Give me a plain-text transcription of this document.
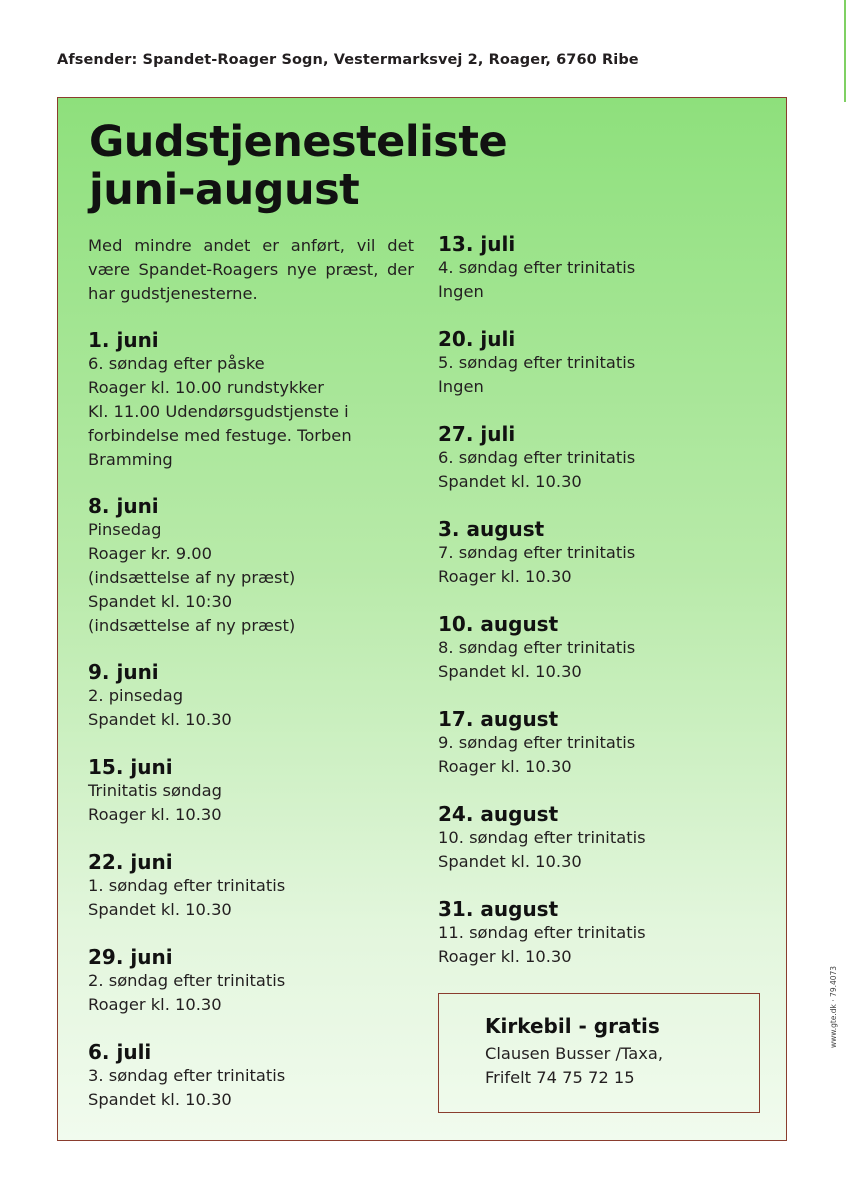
Afsender: Spandet-Roager Sogn, Vestermarksvej 2, Roager, 6760 Ribe
Gudstjenesteliste
juni-august

Med mindre andet er anført, vil det være Spandet-Roagers nye præst, der har gudstjenesterne.

1. juni
6. søndag efter påske
Roager kl. 10.00 rundstykker
Kl. 11.00 Udendørsgudstjenste i
forbindelse med festuge. Torben
Bramming
8. juni
Pinsedag
Roager kr. 9.00
(indsættelse af ny præst)
Spandet kl. 10:30
(indsættelse af ny præst)
9. juni
2. pinsedag
Spandet kl. 10.30
15. juni
Trinitatis søndag
Roager kl. 10.30
22. juni
1. søndag efter trinitatis
Spandet kl. 10.30
29. juni
2. søndag efter trinitatis
Roager kl. 10.30
6. juli
3. søndag efter trinitatis
Spandet kl. 10.30
13. juli
4. søndag efter trinitatis
Ingen
20. juli
5. søndag efter trinitatis
Ingen
27. juli
6. søndag efter trinitatis
Spandet kl. 10.30
3. august
7. søndag efter trinitatis
Roager kl. 10.30
10. august
8. søndag efter trinitatis
Spandet kl. 10.30
17. august
9. søndag efter trinitatis
Roager kl. 10.30
24. august
10. søndag efter trinitatis
Spandet kl. 10.30
31. august
11. søndag efter trinitatis
Roager kl. 10.30
Kirkebil - gratis
Clausen Busser /Taxa,
Frifelt 74 75 72 15
www.gte.dk · 79.4073
